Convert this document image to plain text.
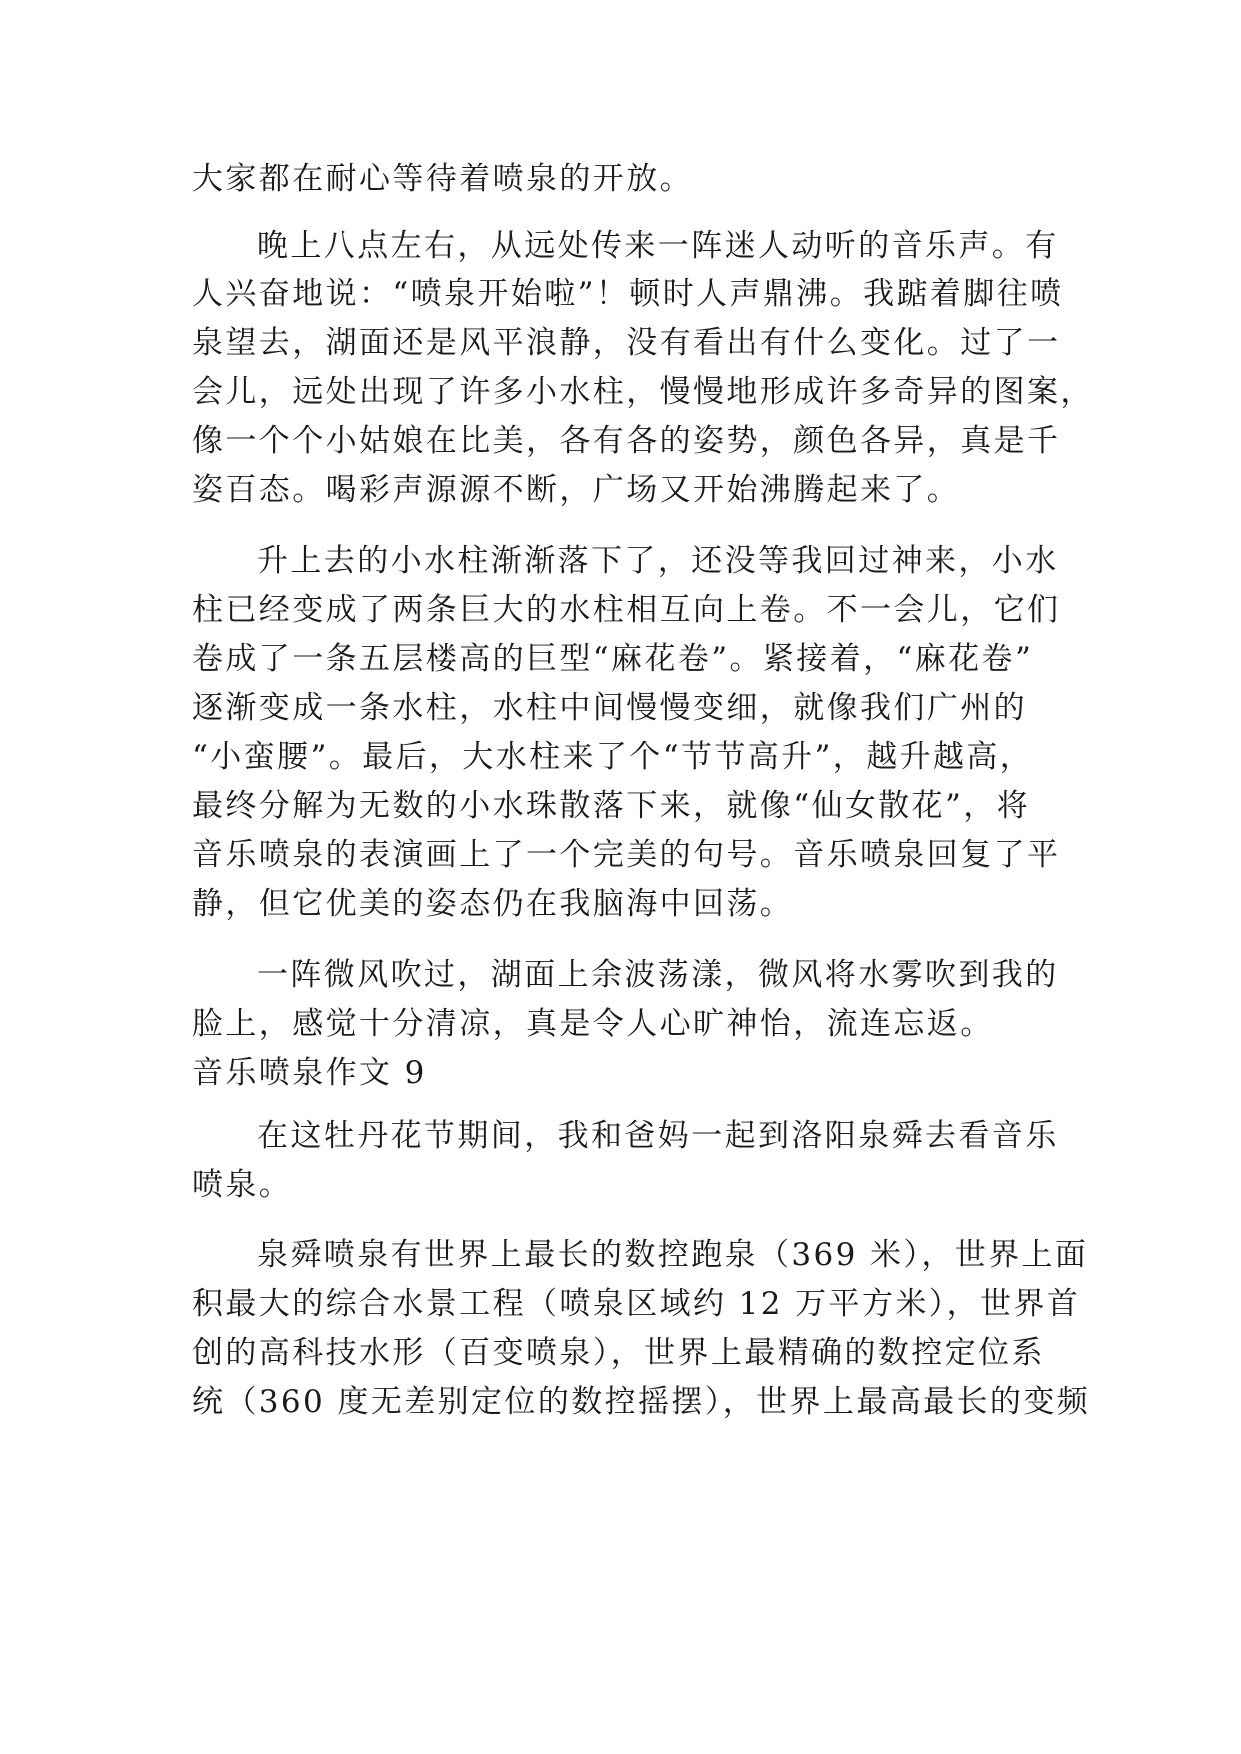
大家都在耐心等待着喷泉的开放。
晚上八点左右，从远处传来一阵迷人动听的音乐声。有
人兴奋地说：“喷泉开始啦”！顿时人声鼎沸。我踮着脚往喷
泉望去，湖面还是风平浪静，没有看出有什么变化。过了一
会儿，远处出现了许多小水柱，慢慢地形成许多奇异的图案，
像一个个小姑娘在比美，各有各的姿势，颜色各异，真是千
姿百态。喝彩声源源不断，广场又开始沸腾起来了。
升上去的小水柱渐渐落下了，还没等我回过神来，小水
柱已经变成了两条巨大的水柱相互向上卷。不一会儿，它们
卷成了一条五层楼高的巨型“麻花卷”。紧接着，“麻花卷”
逐渐变成一条水柱，水柱中间慢慢变细，就像我们广州的
“小蛮腰”。最后，大水柱来了个“节节高升”，越升越高，
最终分解为无数的小水珠散落下来，就像“仙女散花”，将
音乐喷泉的表演画上了一个完美的句号。音乐喷泉回复了平
静，但它优美的姿态仍在我脑海中回荡。
一阵微风吹过，湖面上余波荡漾，微风将水雾吹到我的
脸上，感觉十分清凉，真是令人心旷神怡，流连忘返。
音乐喷泉作文 9
在这牡丹花节期间，我和爸妈一起到洛阳泉舜去看音乐
喷泉。
泉舜喷泉有世界上最长的数控跑泉（369 米），世界上面
积最大的综合水景工程（喷泉区域约 12 万平方米），世界首
创的高科技水形（百变喷泉），世界上最精确的数控定位系
统（360 度无差别定位的数控摇摆），世界上最高最长的变频
